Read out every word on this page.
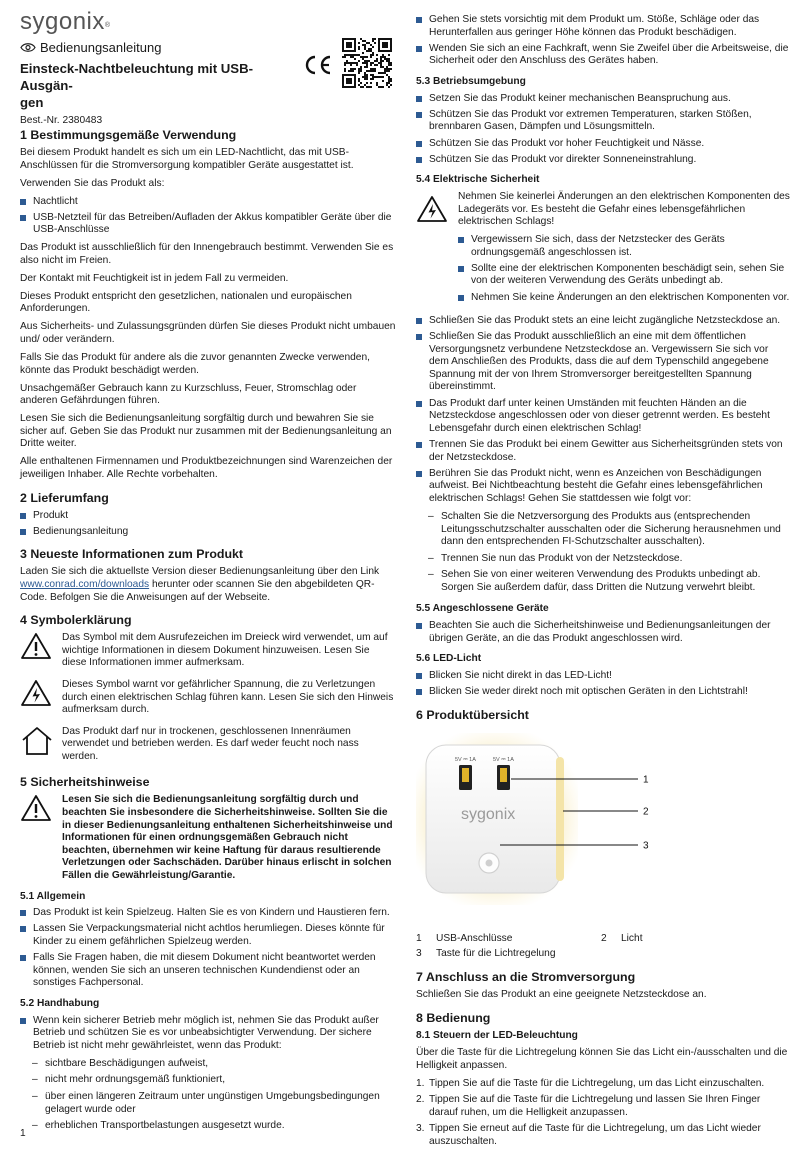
sygonix®
Bedienungsanleitung
Einsteck-Nachtbeleuchtung mit USB-Ausgän-
gen
Best.-Nr. 2380483
1 Bestimmungsgemäße Verwendung

Bei diesem Produkt handelt es sich um ein LED-Nachtlicht, das mit USB-Anschlüssen für die Stromversorgung kompatibler Geräte ausgestattet ist.

Verwenden Sie das Produkt als:

Nachtlicht
USB-Netzteil für das Betreiben/Aufladen der Akkus kompatibler Geräte über die USB-Anschlüsse

Das Produkt ist ausschließlich für den Innengebrauch bestimmt. Verwenden Sie es also nicht im Freien.

Der Kontakt mit Feuchtigkeit ist in jedem Fall zu vermeiden.

Dieses Produkt entspricht den gesetzlichen, nationalen und europäischen Anforderungen.

Aus Sicherheits- und Zulassungsgründen dürfen Sie dieses Produkt nicht umbauen und/ oder verändern.

Falls Sie das Produkt für andere als die zuvor genannten Zwecke verwenden, könnte das Produkt beschädigt werden.

Unsachgemäßer Gebrauch kann zu Kurzschluss, Feuer, Stromschlag oder anderen Gefährdungen führen.

Lesen Sie sich die Bedienungsanleitung sorgfältig durch und bewahren Sie sie sicher auf. Geben Sie das Produkt nur zusammen mit der Bedienungsanleitung an Dritte weiter.

Alle enthaltenen Firmennamen und Produktbezeichnungen sind Warenzeichen der jeweiligen Inhaber. Alle Rechte vorbehalten.

2 Lieferumfang
Produkt
Bedienungsanleitung
3 Neueste Informationen zum Produkt

Laden Sie sich die aktuellste Version dieser Bedienungsanleitung über den Link www.conrad.com/downloads herunter oder scannen Sie den abgebildeten QR-Code. Befolgen Sie die Anweisungen auf der Webseite.

4 Symbolerklärung
Das Symbol mit dem Ausrufezeichen im Dreieck wird verwendet, um auf wichtige Informationen in diesem Dokument hinzuweisen. Lesen Sie diese Informationen immer aufmerksam.
Dieses Symbol warnt vor gefährlicher Spannung, die zu Verletzungen durch einen elektrischen Schlag führen kann. Lesen Sie sich den Hinweis aufmerksam durch.
Das Produkt darf nur in trockenen, geschlossenen Innenräumen verwendet und betrieben werden. Es darf weder feucht noch nass werden.
5 Sicherheitshinweise
Lesen Sie sich die Bedienungsanleitung sorgfältig durch und beachten Sie insbesondere die Sicherheitshinweise. Sollten Sie die in dieser Bedienungsanleitung enthaltenen Sicherheitshinweise und Informationen für einen ordnungsgemäßen Gebrauch nicht beachten, übernehmen wir keine Haftung für daraus resultierende Verletzungen oder Sachschäden. Darüber hinaus erlischt in solchen Fällen die Gewährleistung/Garantie.
5.1 Allgemein
Das Produkt ist kein Spielzeug. Halten Sie es von Kindern und Haustieren fern.
Lassen Sie Verpackungsmaterial nicht achtlos herumliegen. Dieses könnte für Kinder zu einem gefährlichen Spielzeug werden.
Falls Sie Fragen haben, die mit diesem Dokument nicht beantwortet werden können, wenden Sie sich an unseren technischen Kundendienst oder an sonstiges Fachpersonal.
5.2 Handhabung
Wenn kein sicherer Betrieb mehr möglich ist, nehmen Sie das Produkt außer Betrieb und schützen Sie es vor unbeabsichtigter Verwendung. Der sichere Betrieb ist nicht mehr gewährleistet, wenn das Produkt:
– sichtbare Beschädigungen aufweist,
– nicht mehr ordnungsgemäß funktioniert,
– über einen längeren Zeitraum unter ungünstigen Umgebungsbedingungen gelagert wurde oder
– erheblichen Transportbelastungen ausgesetzt wurde.
1
Gehen Sie stets vorsichtig mit dem Produkt um. Stöße, Schläge oder das Herunterfallen aus geringer Höhe können das Produkt beschädigen.
Wenden Sie sich an eine Fachkraft, wenn Sie Zweifel über die Arbeitsweise, die Sicherheit oder den Anschluss des Gerätes haben.
5.3 Betriebsumgebung
Setzen Sie das Produkt keiner mechanischen Beanspruchung aus.
Schützen Sie das Produkt vor extremen Temperaturen, starken Stößen, brennbaren Gasen, Dämpfen und Lösungsmitteln.
Schützen Sie das Produkt vor hoher Feuchtigkeit und Nässe.
Schützen Sie das Produkt vor direkter Sonneneinstrahlung.
5.4 Elektrische Sicherheit

Nehmen Sie keinerlei Änderungen an den elektrischen Komponenten des Ladegeräts vor. Es besteht die Gefahr eines lebensgefährlichen elektrischen Schlags!

Vergewissern Sie sich, dass der Netzstecker des Geräts ordnungsgemäß angeschlossen ist.
Sollte eine der elektrischen Komponenten beschädigt sein, sehen Sie von der weiteren Verwendung des Geräts unbedingt ab.
Nehmen Sie keine Änderungen an den elektrischen Komponenten vor.
Schließen Sie das Produkt stets an eine leicht zugängliche Netzsteckdose an.
Schließen Sie das Produkt ausschließlich an eine mit dem öffentlichen Versorgungsnetz verbundene Netzsteckdose an. Vergewissern Sie sich vor dem Anschließen des Produkts, dass die auf dem Typenschild angegebene Spannung mit der von Ihrem Stromversorger bereitgestellten Spannung übereinstimmt.
Das Produkt darf unter keinen Umständen mit feuchten Händen an die Netzsteckdose angeschlossen oder von dieser getrennt werden. Es besteht Lebensgefahr durch einen elektrischen Schlag!
Trennen Sie das Produkt bei einem Gewitter aus Sicherheitsgründen stets von der Netzsteckdose.
Berühren Sie das Produkt nicht, wenn es Anzeichen von Beschädigungen aufweist. Bei Nichtbeachtung besteht die Gefahr eines lebensgefährlichen elektrischen Schlags! Gehen Sie stattdessen wie folgt vor:
– Schalten Sie die Netzversorgung des Produkts aus (entsprechenden Leitungsschutzschalter ausschalten oder die Sicherung herausnehmen und dann den entsprechenden FI-Schutzschalter ausschalten).
– Trennen Sie nun das Produkt von der Netzsteckdose.
– Sehen Sie von einer weiteren Verwendung des Produkts unbedingt ab. Sorgen Sie außerdem dafür, dass Dritten die Nutzung verwehrt bleibt.
5.5 Angeschlossene Geräte
Beachten Sie auch die Sicherheitshinweise und Bedienungsanleitungen der übrigen Geräte, an die das Produkt angeschlossen wird.
5.6 LED-Licht
Blicken Sie nicht direkt in das LED-Licht!
Blicken Sie weder direkt noch mit optischen Geräten in den Lichtstrahl!
6 Produktübersicht
5V ⎓ 1A	5V ⎓ 1A
sygonix
1
2
3
1	USB-Anschlüsse	2	Licht
3	Taste für die Lichtregelung
7 Anschluss an die Stromversorgung

Schließen Sie das Produkt an eine geeignete Netzsteckdose an.

8 Bedienung
8.1 Steuern der LED-Beleuchtung

Über die Taste für die Lichtregelung können Sie das Licht ein-/ausschalten und die Helligkeit anpassen.

1. Tippen Sie auf die Taste für die Lichtregelung, um das Licht einzuschalten.
2. Tippen Sie auf die Taste für die Lichtregelung und lassen Sie Ihren Finger darauf ruhen, um die Helligkeit anzupassen.
3. Tippen Sie erneut auf die Taste für die Lichtregelung, um das Licht wieder auszuschalten.
